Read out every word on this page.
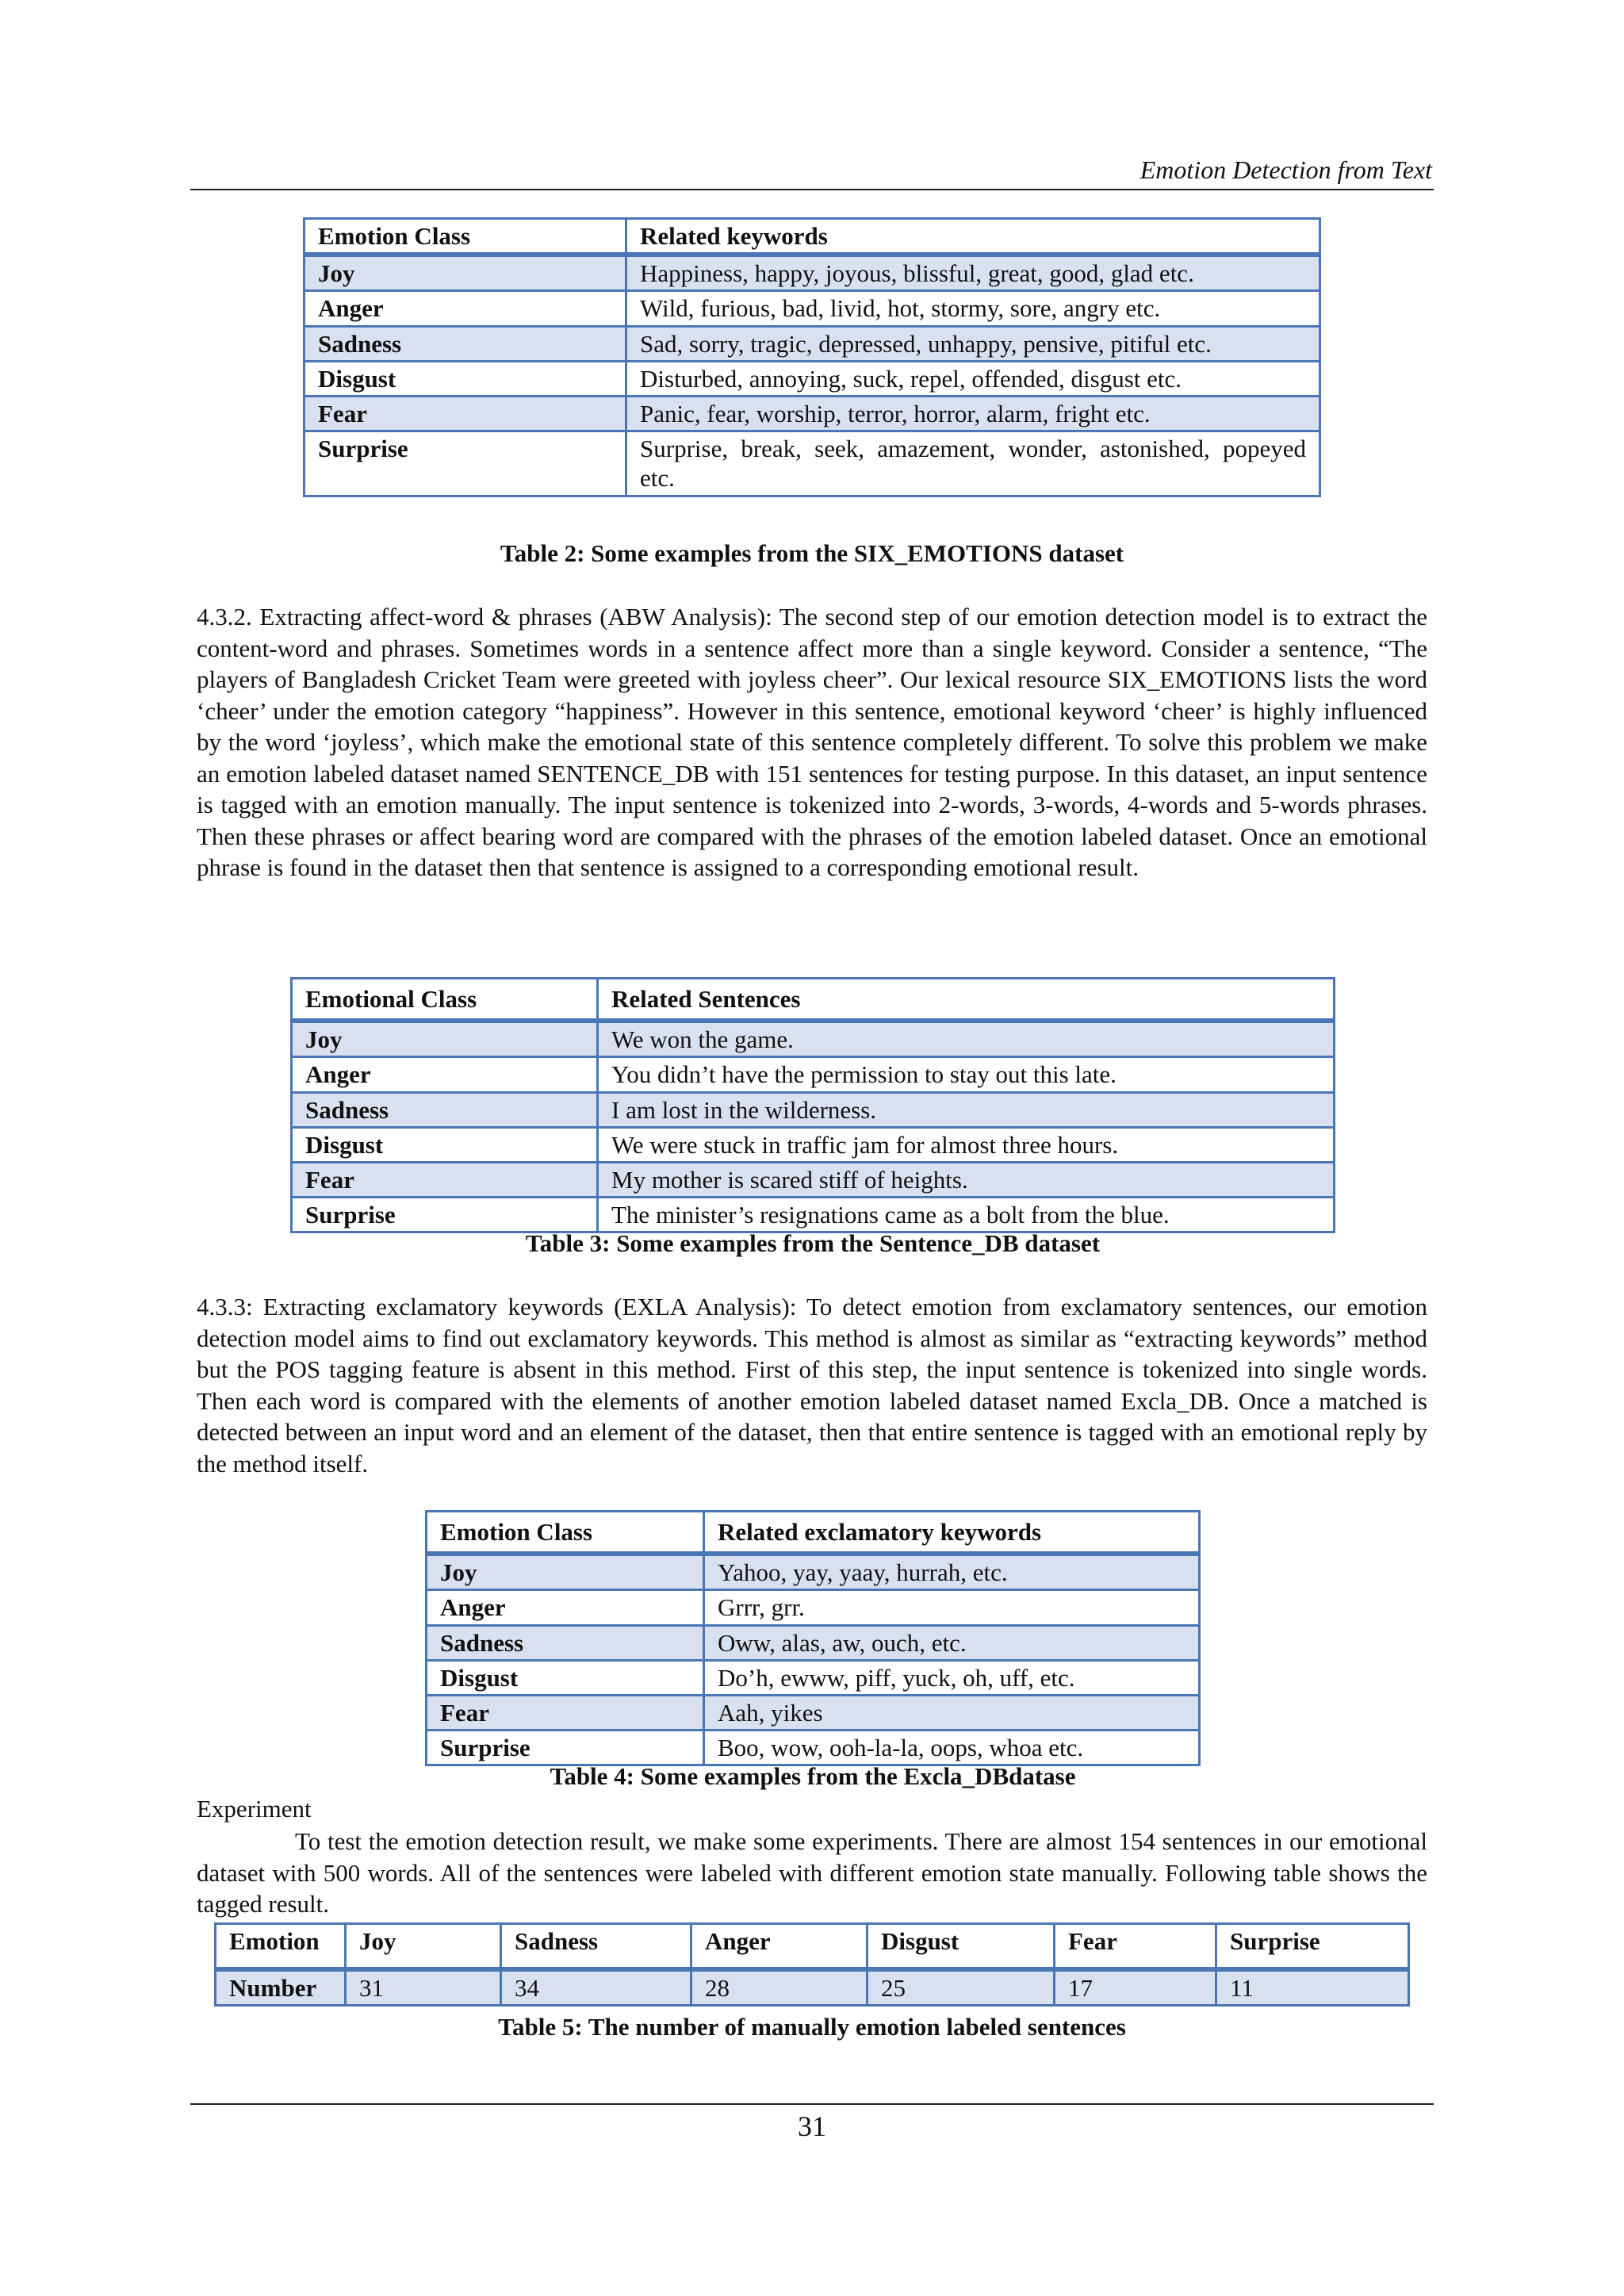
Emotion Detection from Text
Emotion Class	Related keywords
Joy	Happiness, happy, joyous, blissful, great, good, glad etc.
Anger	Wild, furious, bad, livid, hot, stormy, sore, angry etc.
Sadness	Sad, sorry, tragic, depressed, unhappy, pensive, pitiful etc.
Disgust	Disturbed, annoying, suck, repel, offended, disgust etc.
Fear	Panic, fear, worship, terror, horror, alarm, fright etc.
Surprise	Surprise, break, seek, amazement, wonder, astonished, popeyed etc.
Table 2: Some examples from the SIX_EMOTIONS dataset

4.3.2. Extracting affect-word & phrases (ABW Analysis): The second step of our emotion detection model is to extract the content-word and phrases. Sometimes words in a sentence affect more than a single keyword. Consider a sentence, “The players of Bangladesh Cricket Team were greeted with joyless cheer”. Our lexical resource SIX_EMOTIONS lists the word ‘cheer’ under the emotion category “happiness”. However in this sentence, emotional keyword ‘cheer’ is highly influenced by the word ‘joyless’, which make the emotional state of this sentence completely different. To solve this problem we make an emotion labeled dataset named SENTENCE_DB with 151 sentences for testing purpose. In this dataset, an input sentence is tagged with an emotion manually. The input sentence is tokenized into 2-words, 3-words, 4-words and 5-words phrases. Then these phrases or affect bearing word are compared with the phrases of the emotion labeled dataset. Once an emotional phrase is found in the dataset then that sentence is assigned to a corresponding emotional result.

Emotional Class	Related Sentences
Joy	We won the game.
Anger	You didn’t have the permission to stay out this late.
Sadness	I am lost in the wilderness.
Disgust	We were stuck in traffic jam for almost three hours.
Fear	My mother is scared stiff of heights.
Surprise	The minister’s resignations came as a bolt from the blue.
Table 3: Some examples from the Sentence_DB dataset

4.3.3: Extracting exclamatory keywords (EXLA Analysis): To detect emotion from exclamatory sentences, our emotion detection model aims to find out exclamatory keywords. This method is almost as similar as “extracting keywords” method but the POS tagging feature is absent in this method. First of this step, the input sentence is tokenized into single words. Then each word is compared with the elements of another emotion labeled dataset named Excla_DB. Once a matched is detected between an input word and an element of the dataset, then that entire sentence is tagged with an emotional reply by the method itself.

Emotion Class	Related exclamatory keywords
Joy	Yahoo, yay, yaay, hurrah, etc.
Anger	Grrr, grr.
Sadness	Oww, alas, aw, ouch, etc.
Disgust	Do’h, ewww, piff, yuck, oh, uff, etc.
Fear	Aah, yikes
Surprise	Boo, wow, ooh-la-la, oops, whoa etc.
Table 4: Some examples from the Excla_DBdatase
Experiment

To test the emotion detection result, we make some experiments. There are almost 154 sentences in our emotional dataset with 500 words. All of the sentences were labeled with different emotion state manually. Following table shows the tagged result.

Emotion	Joy	Sadness	Anger	Disgust	Fear	Surprise
Number	31	34	28	25	17	11
Table 5: The number of manually emotion labeled sentences
31
